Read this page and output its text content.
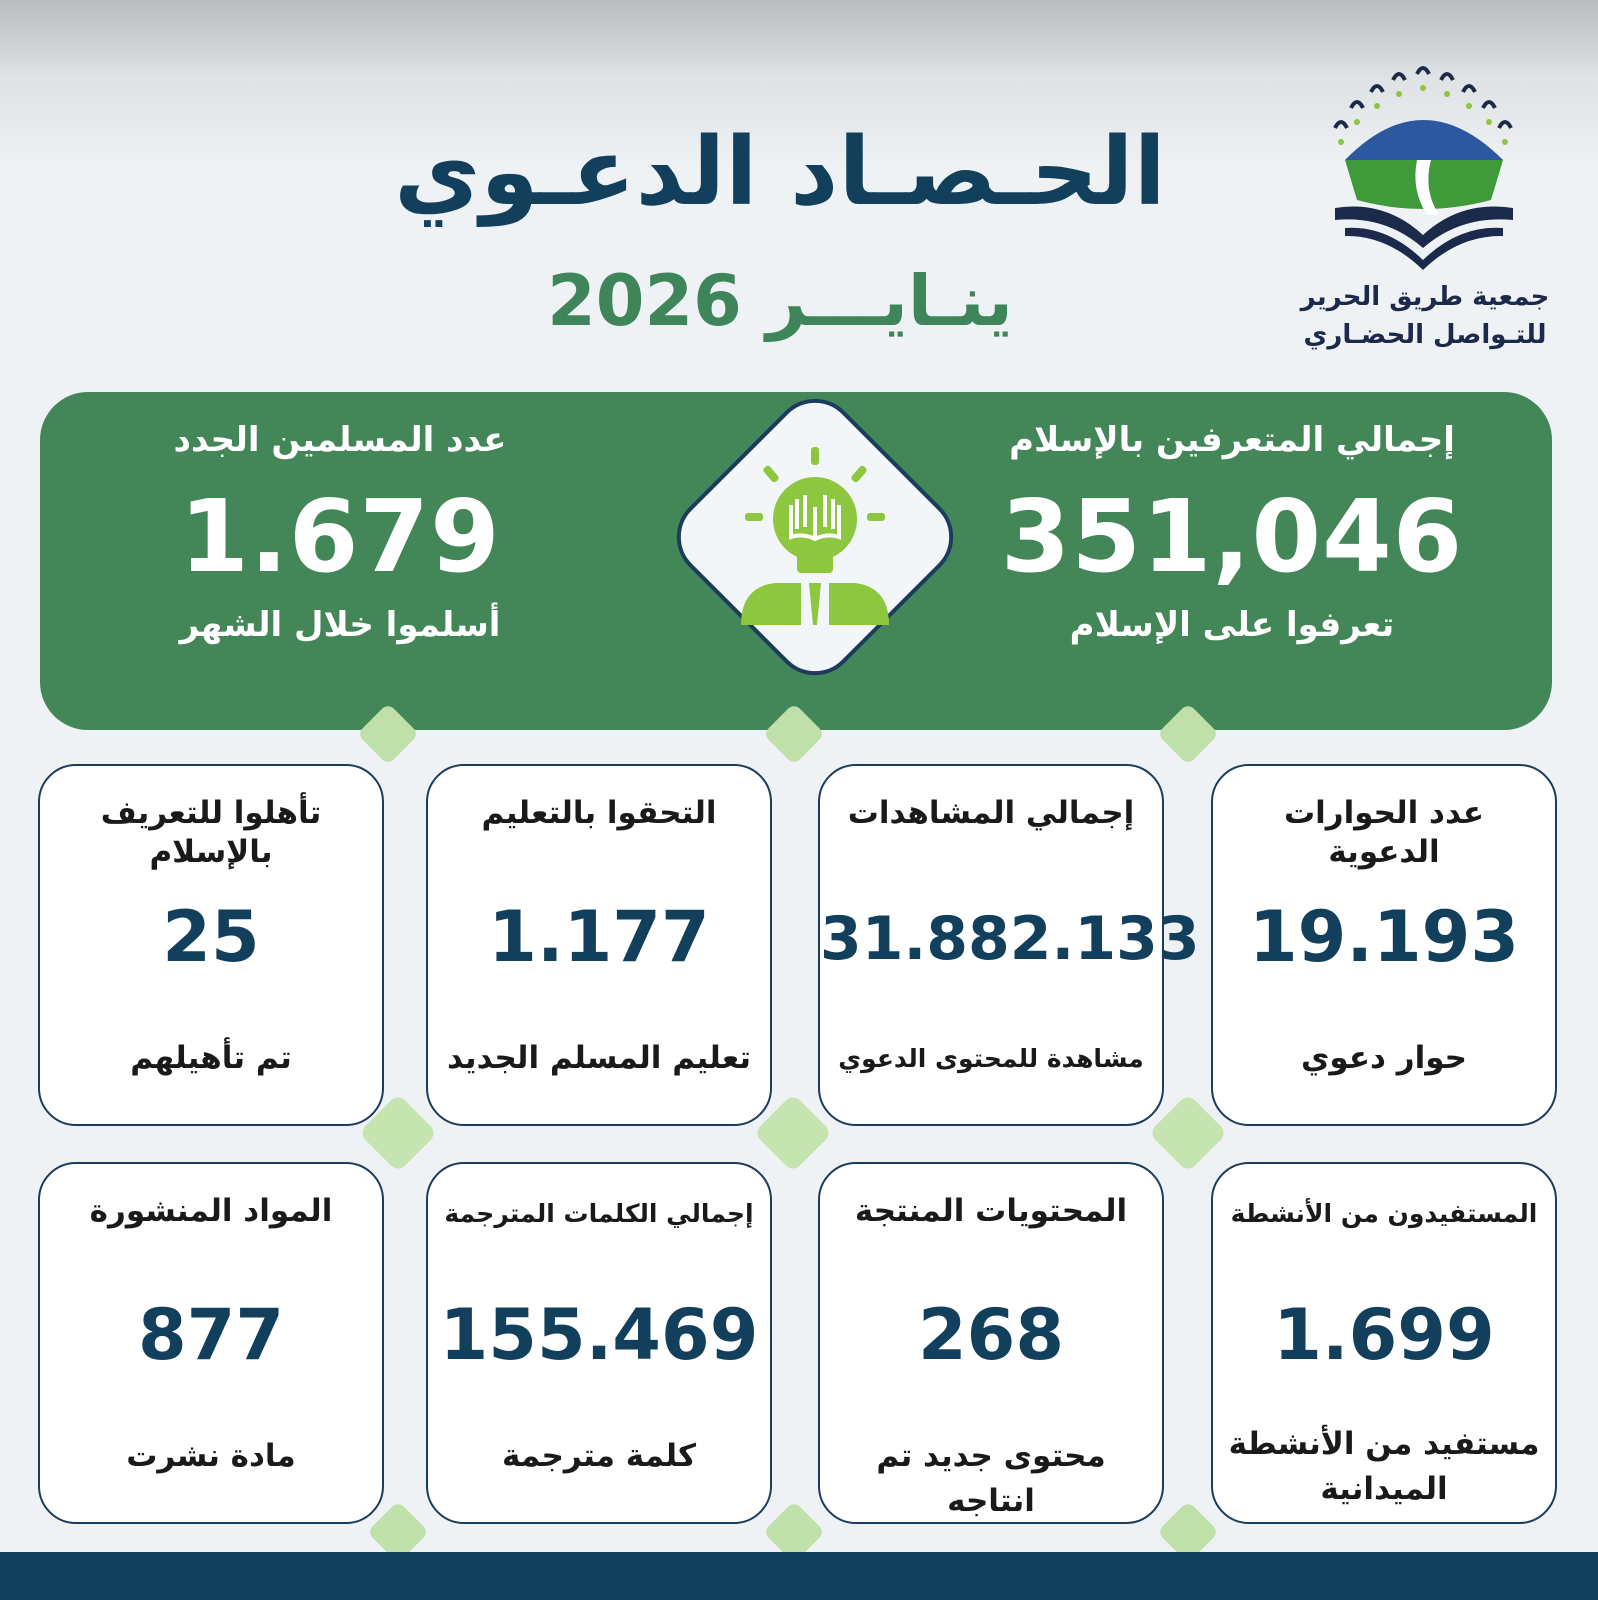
الحـصـاد الدعـوي
ينـايـــر 2026	جمعية طريق الحرير
للتـواصل الحضـاري
إجمالي المتعرفين بالإسلام
351,046
تعرفوا على الإسلام
عدد المسلمين الجدد
1.679
أسلموا خلال الشهر
عدد الحوارات الدعوية
19.193
حوار دعوي
إجمالي المشاهدات
31.882.133
مشاهدة للمحتوى الدعوي
التحقوا بالتعليم
1.177
تعليم المسلم الجديد
تأهلوا للتعريف بالإسلام
25
تم تأهيلهم
المستفيدون من الأنشطة
1.699
مستفيد من الأنشطة الميدانية
المحتويات المنتجة
268
محتوى جديد تم انتاجه
إجمالي الكلمات المترجمة
155.469
كلمة مترجمة
المواد المنشورة
877
مادة نشرت
